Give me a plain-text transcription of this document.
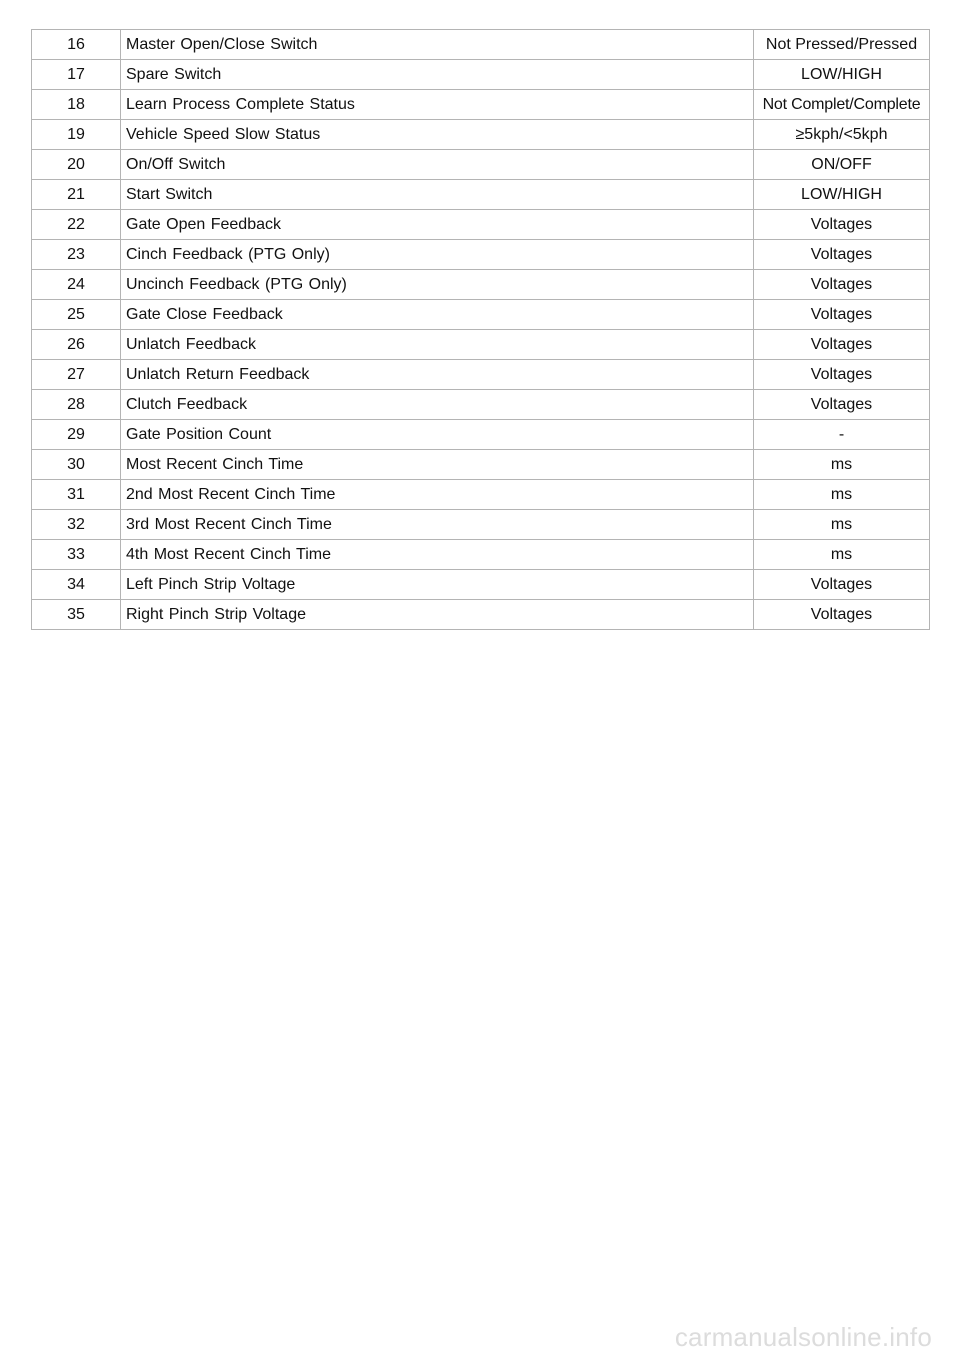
16	Master Open/Close Switch	Not Pressed/Pressed
17	Spare Switch	LOW/HIGH
18	Learn Process Complete Status	Not Complet/Complete
19	Vehicle Speed Slow Status	≥5kph/<5kph
20	On/Off Switch	ON/OFF
21	Start Switch	LOW/HIGH
22	Gate Open Feedback	Voltages
23	Cinch Feedback (PTG Only)	Voltages
24	Uncinch Feedback (PTG Only)	Voltages
25	Gate Close Feedback	Voltages
26	Unlatch Feedback	Voltages
27	Unlatch Return Feedback	Voltages
28	Clutch Feedback	Voltages
29	Gate Position Count	-
30	Most Recent Cinch Time	ms
31	2nd Most Recent Cinch Time	ms
32	3rd Most Recent Cinch Time	ms
33	4th Most Recent Cinch Time	ms
34	Left Pinch Strip Voltage	Voltages
35	Right Pinch Strip Voltage	Voltages
carmanualsonline.info
